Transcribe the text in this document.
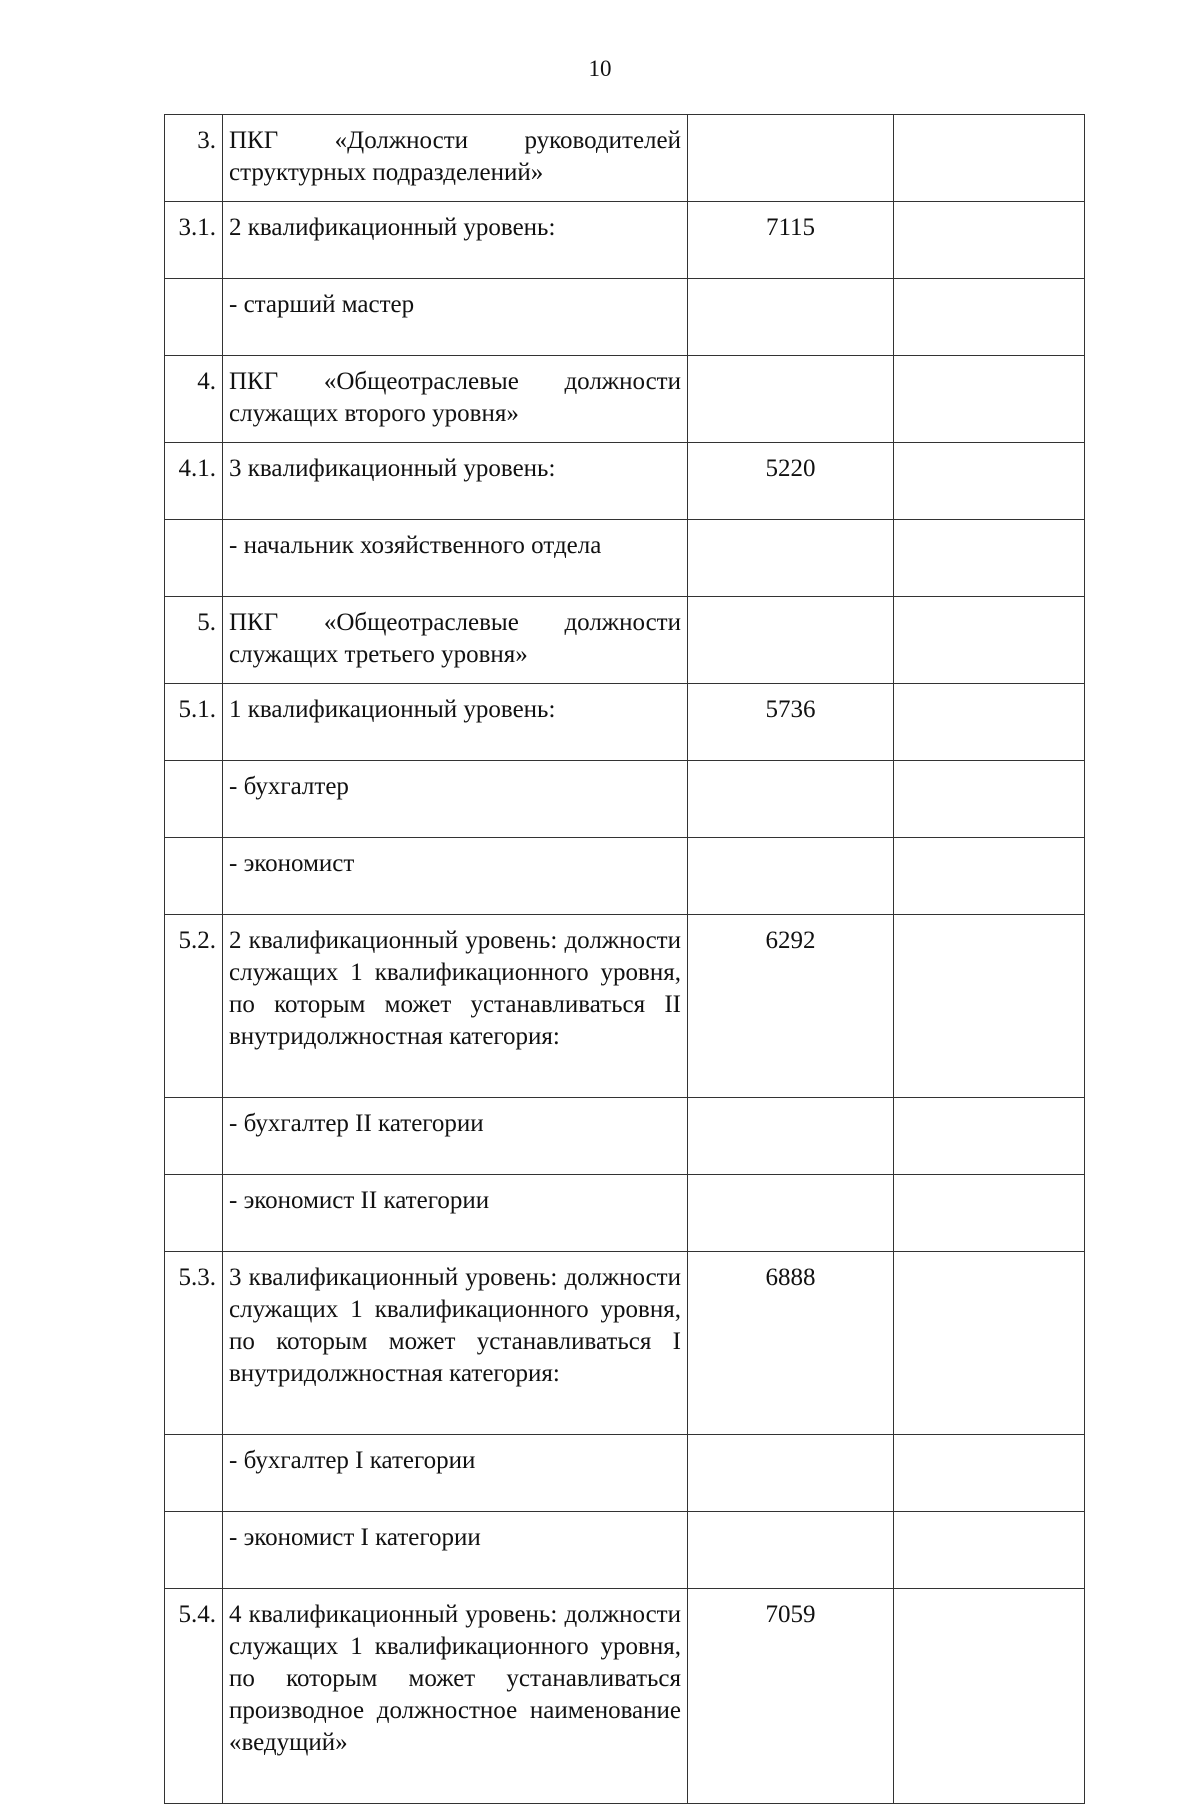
10
3.	ПКГ «Должности руководителей структурных подразделений»		
3.1.	2 квалификационный уровень:	7115	
	- старший мастер		
4.	ПКГ «Общеотраслевые должности служащих второго уровня»		
4.1.	3 квалификационный уровень:	5220	
	- начальник хозяйственного отдела		
5.	ПКГ «Общеотраслевые должности служащих третьего уровня»		
5.1.	1 квалификационный уровень:	5736	
	- бухгалтер		
	- экономист		
5.2.	2 квалификационный уровень: должности служащих 1 квалификационного уровня, по которым может устанавливаться II внутридолжностная категория:	6292	
	- бухгалтер II категории		
	- экономист II категории		
5.3.	3 квалификационный уровень: должности служащих 1 квалификационного уровня, по которым может устанавливаться I внутридолжностная категория:	6888	
	- бухгалтер I категории		
	- экономист I категории		
5.4.	4 квалификационный уровень: должности служащих 1 квалификационного уровня, по которым может устанавливаться производное должностное наименование «ведущий»	7059	
